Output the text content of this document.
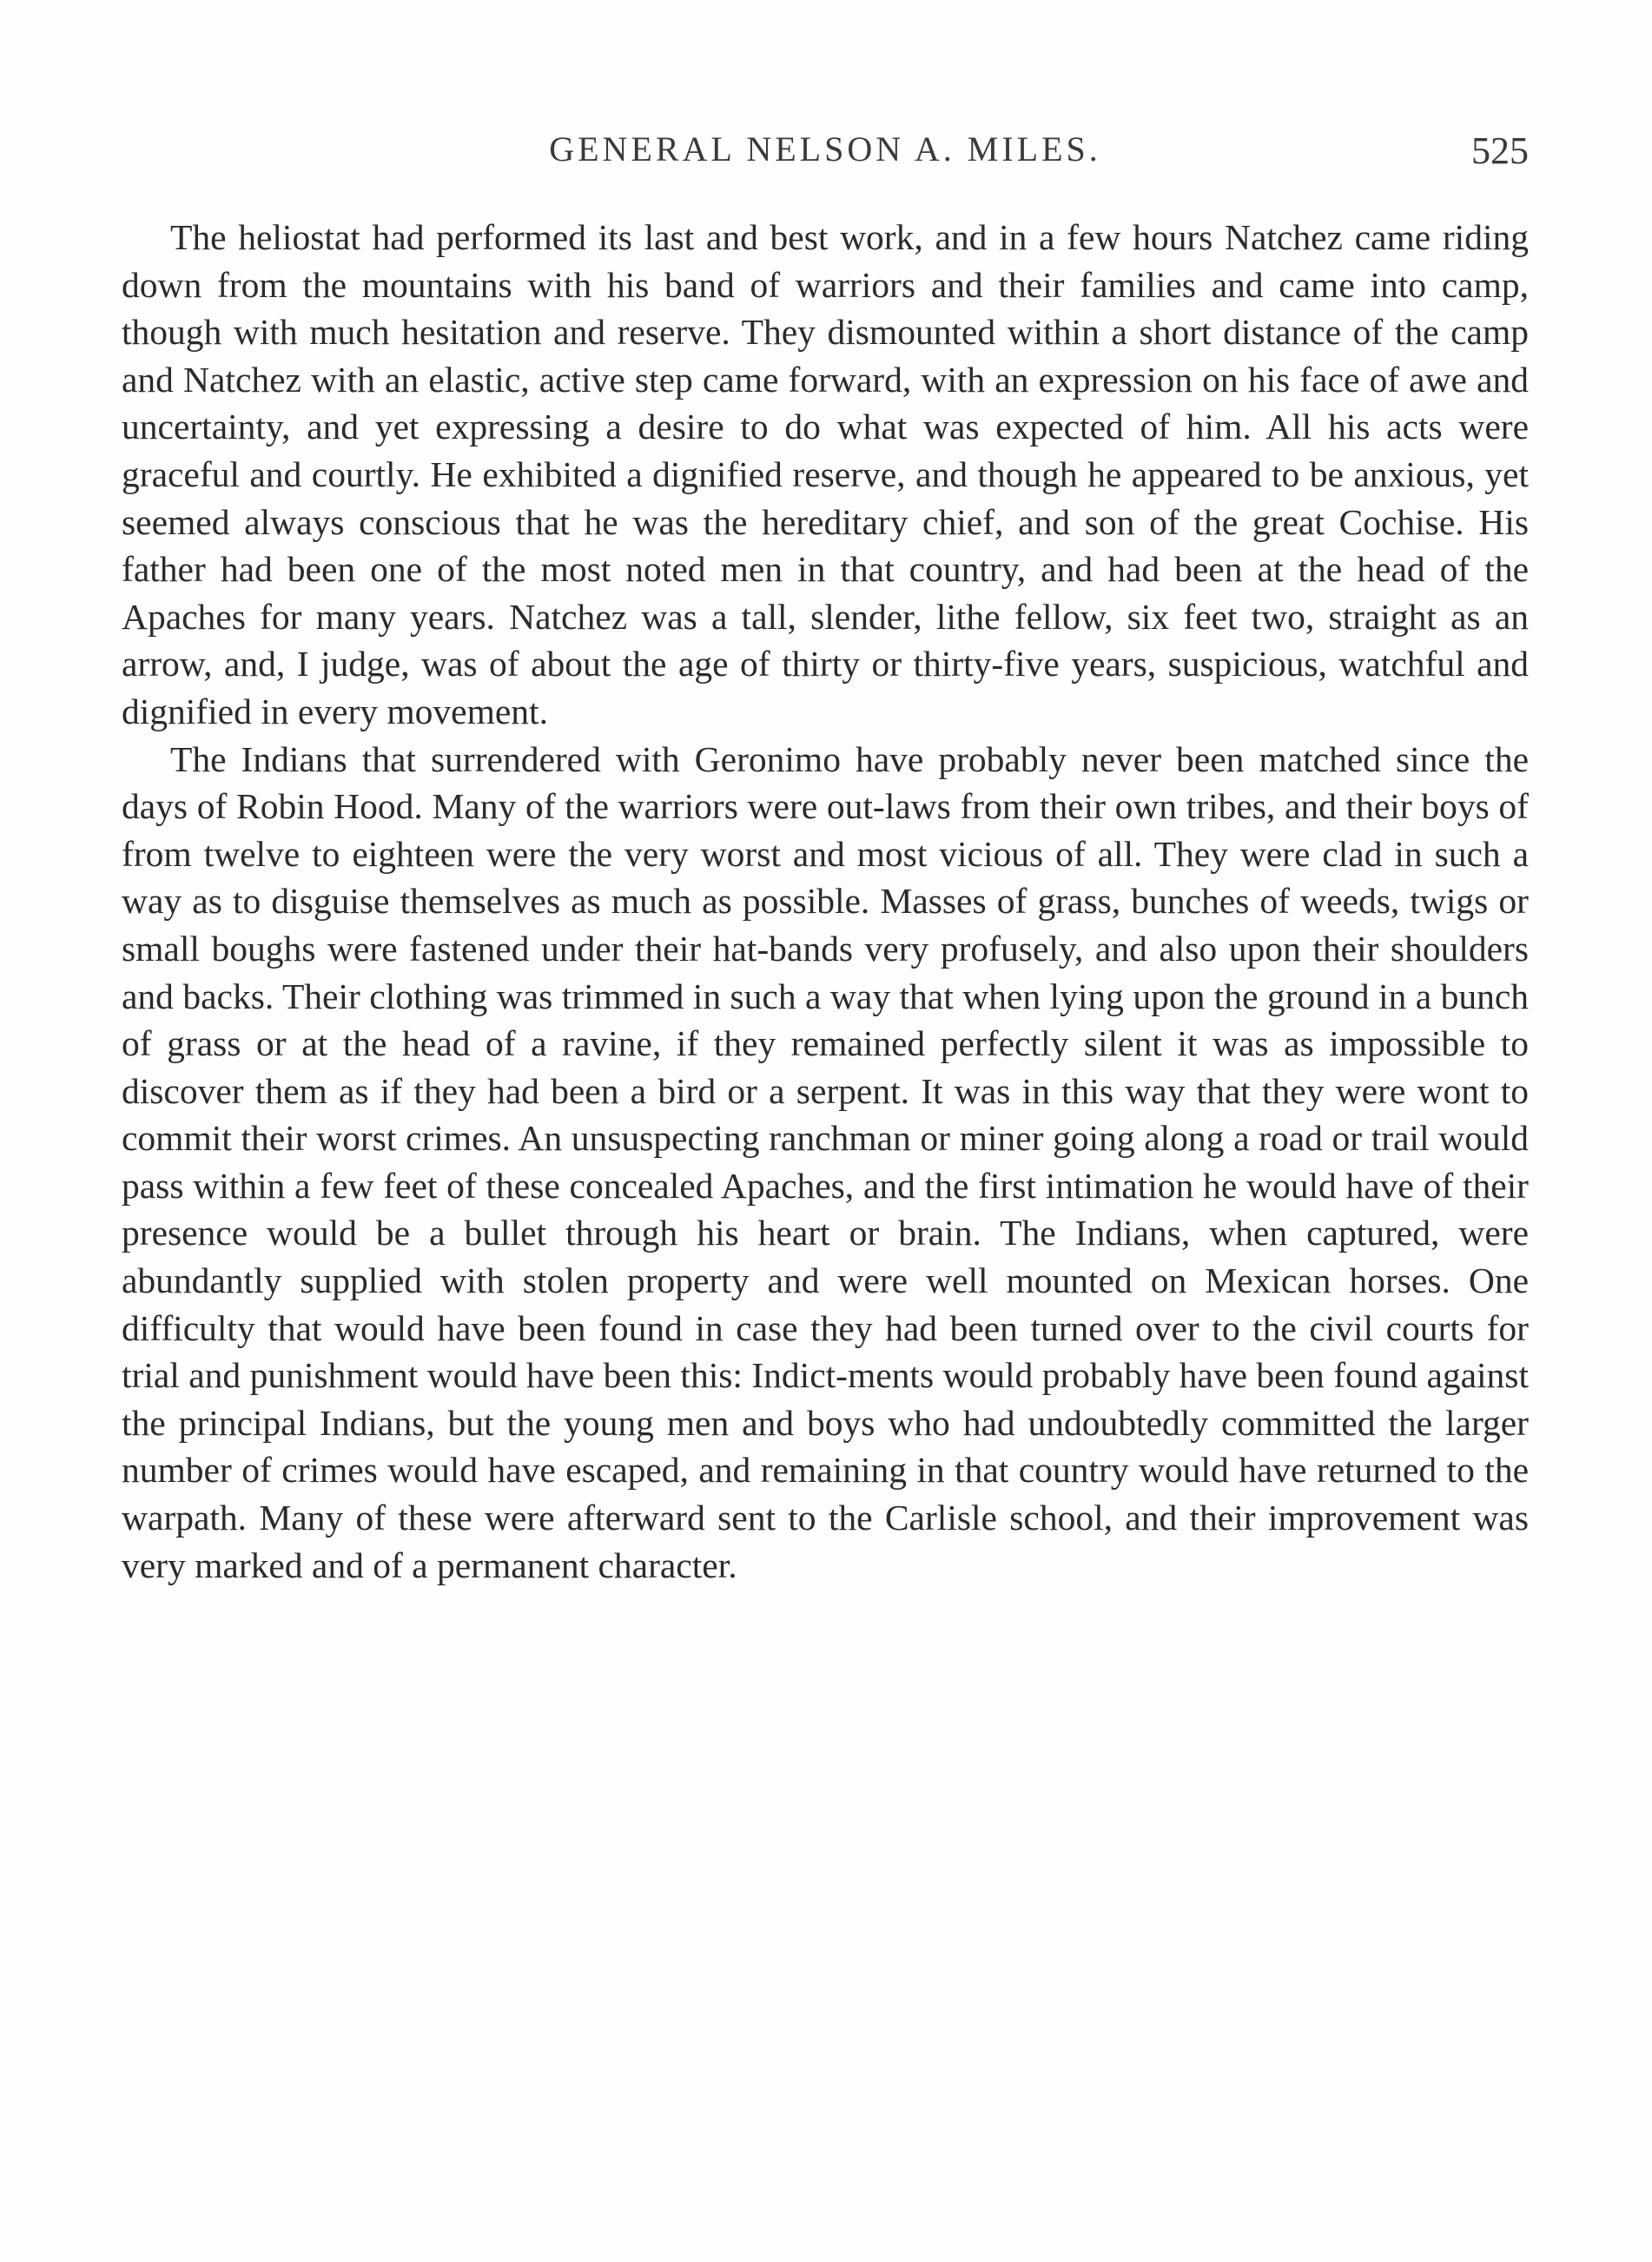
GENERAL NELSON A. MILES.	525

The heliostat had performed its last and best work, and in a few hours Natchez came riding down from the mountains with his band of warriors and their families and came into camp, though with much hesitation and reserve. They dismounted within a short distance of the camp and Natchez with an elastic, active step came forward, with an expression on his face of awe and uncertainty, and yet expressing a desire to do what was expected of him. All his acts were graceful and courtly. He exhibited a dignified reserve, and though he appeared to be anxious, yet seemed always conscious that he was the hereditary chief, and son of the great Cochise. His father had been one of the most noted men in that country, and had been at the head of the Apaches for many years. Natchez was a tall, slender, lithe fellow, six feet two, straight as an arrow, and, I judge, was of about the age of thirty or thirty-five years, suspicious, watchful and dignified in every movement.

The Indians that surrendered with Geronimo have probably never been matched since the days of Robin Hood. Many of the warriors were out-laws from their own tribes, and their boys of from twelve to eighteen were the very worst and most vicious of all. They were clad in such a way as to disguise themselves as much as possible. Masses of grass, bunches of weeds, twigs or small boughs were fastened under their hat-bands very profusely, and also upon their shoulders and backs. Their clothing was trimmed in such a way that when lying upon the ground in a bunch of grass or at the head of a ravine, if they remained perfectly silent it was as impossible to discover them as if they had been a bird or a serpent. It was in this way that they were wont to commit their worst crimes. An unsuspecting ranchman or miner going along a road or trail would pass within a few feet of these concealed Apaches, and the first intimation he would have of their presence would be a bullet through his heart or brain. The Indians, when captured, were abundantly supplied with stolen property and were well mounted on Mexican horses. One difficulty that would have been found in case they had been turned over to the civil courts for trial and punishment would have been this: Indict-ments would probably have been found against the principal Indians, but the young men and boys who had undoubtedly committed the larger number of crimes would have escaped, and remaining in that country would have returned to the warpath. Many of these were afterward sent to the Carlisle school, and their improvement was very marked and of a permanent character.
